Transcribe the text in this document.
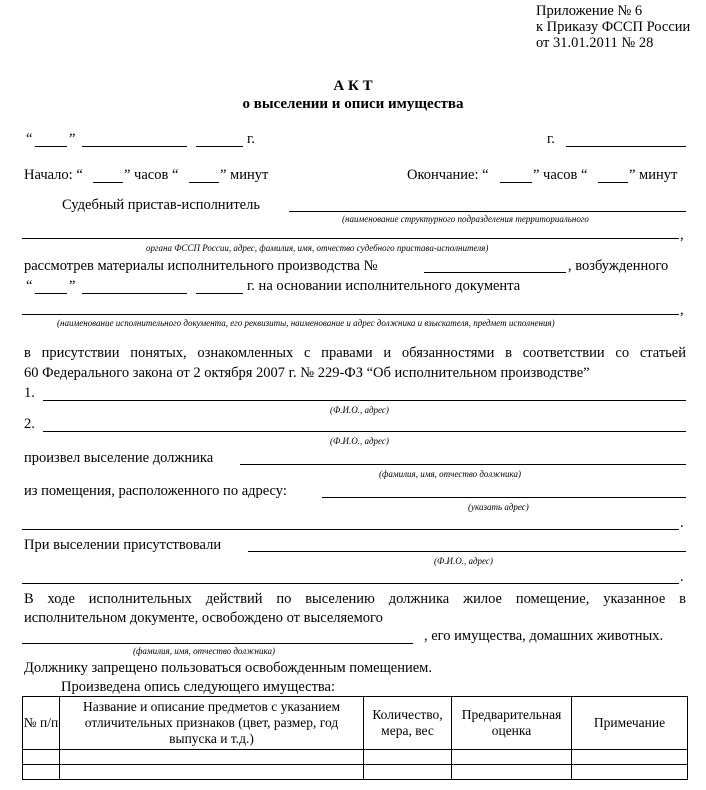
Приложение № 6
к Приказу ФССП России
от 31.01.2011 № 28
А К Т
о выселении и описи имущества
“	”	г.	г.
Начало: “	” часов “	” минут	Окончание: “	” часов “	” минут
Судебный пристав-исполнитель
(наименование структурного подразделения территориального
,
органа ФССП России, адрес, фамилия, имя, отчество судебного пристава-исполнителя)
рассмотрев материалы исполнительного производства №	, возбужденного
“	”	г. на основании исполнительного документа
,
(наименование исполнительного документа, его реквизиты, наименование и адрес должника и взыскателя, предмет исполнения)
в присутствии понятых, ознакомленных с правами и обязанностями в соответствии со статьей
60 Федерального закона от 2 октября 2007 г. № 229-ФЗ “Об исполнительном производстве”
1.
(Ф.И.О., адрес)
2.
(Ф.И.О., адрес)
произвел выселение должника
(фамилия, имя, отчество должника)
из помещения, расположенного по адресу:
(указать адрес)
.
При выселении присутствовали
(Ф.И.О., адрес)
.
В ходе исполнительных действий по выселению должника жилое помещение, указанное в
исполнительном документе, освобождено от выселяемого
(фамилия, имя, отчество должника)
, его имущества, домашних животных.
Должнику запрещено пользоваться освобожденным помещением.
Произведена опись следующего имущества:
№ п/п	Название и описание предметов с указанием отличительных признаков (цвет, размер, год выпуска и т.д.)	Количество, мера, вес	Предварительная оценка	Примечание
